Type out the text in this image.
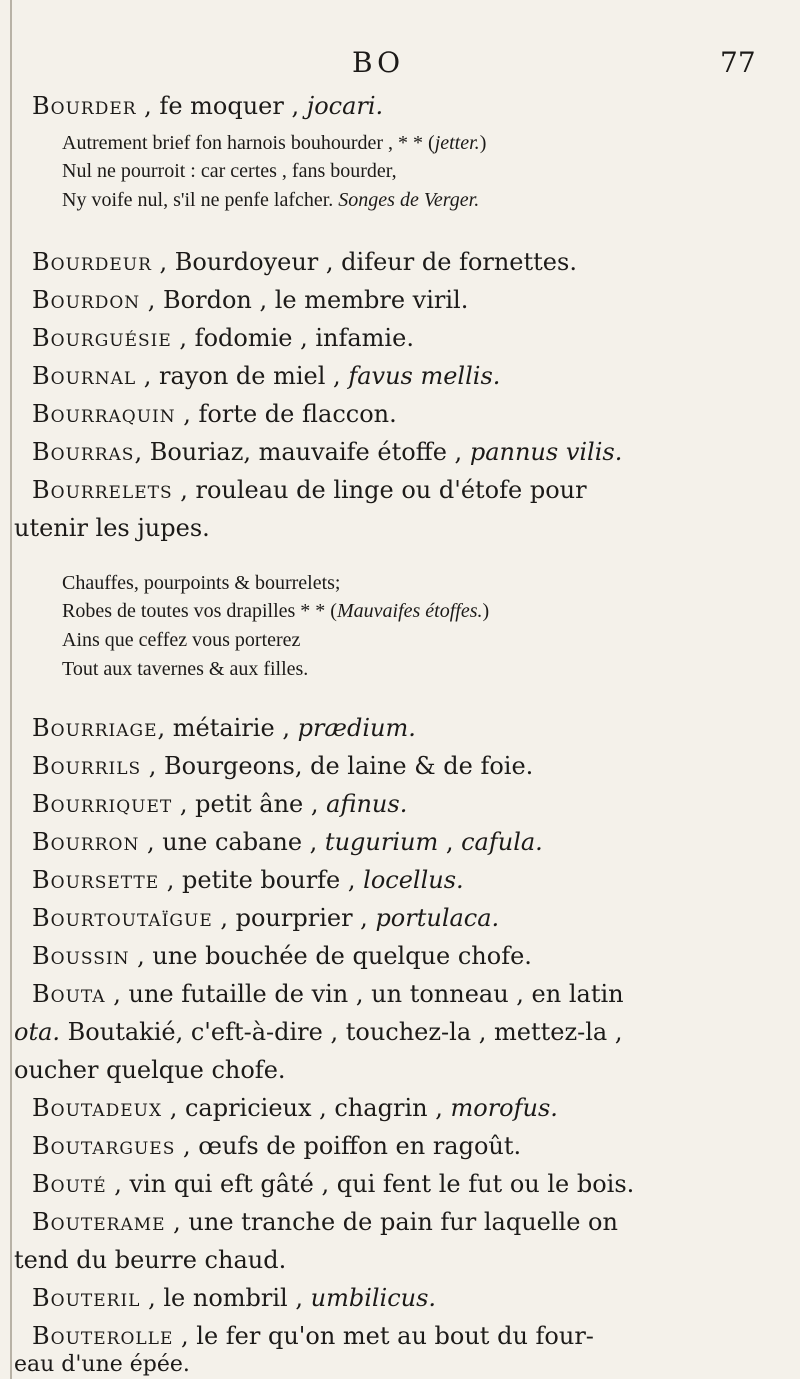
BO	77
Bourder , fe moquer , jocari.
Autrement brief fon harnois bouhourder , * * (jetter.)
Nul ne pourroit : car certes , fans bourder,
Ny voife nul, s'il ne penfe lafcher. Songes de Verger.
Bourdeur , Bourdoyeur , difeur de fornettes.
Bourdon , Bordon , le membre viril.
Bourguésie , fodomie , infamie.
Bournal , rayon de miel , favus mellis.
Bourraquin , forte de flaccon.
Bourras, Bouriaz, mauvaife étoffe , pannus vilis.
Bourrelets , rouleau de linge ou d'étofe pour
utenir les jupes.
Chauffes, pourpoints & bourrelets;
Robes de toutes vos drapilles * * (Mauvaifes étoffes.)
Ains que ceffez vous porterez
Tout aux tavernes & aux filles.
Bourriage, métairie , prædium.
Bourrils , Bourgeons, de laine & de foie.
Bourriquet , petit âne , afinus.
Bourron , une cabane , tugurium , cafula.
Boursette , petite bourfe , locellus.
Bourtoutaïgue , pourprier , portulaca.
Boussin , une bouchée de quelque chofe.
Bouta , une futaille de vin , un tonneau , en latin
ota. Boutakié, c'eft-à-dire , touchez-la , mettez-la ,
oucher quelque chofe.
Boutadeux , capricieux , chagrin , morofus.
Boutargues , œufs de poiffon en ragoût.
Bouté , vin qui eft gâté , qui fent le fut ou le bois.
Bouterame , une tranche de pain fur laquelle on
tend du beurre chaud.
Bouteril , le nombril , umbilicus.
Bouterolle , le fer qu'on met au bout du four-
eau d'une épée.
